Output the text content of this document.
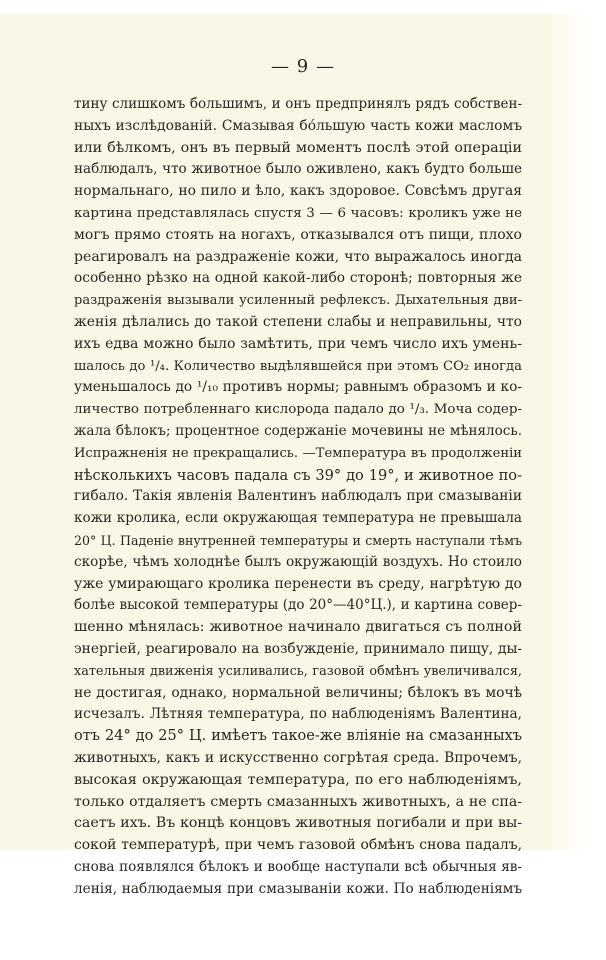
— 9 —
тину слишкомъ большимъ, и онъ предпринялъ рядъ собствен-
ныхъ изслѣдованій. Смазывая бо́льшую часть кожи масломъ
или бѣлкомъ, онъ въ первый моментъ послѣ этой операціи
наблюдалъ, что животное было оживлено, какъ будто больше
нормальнаго, но пило и ѣло, какъ здоровое. Совсѣмъ другая
картина представлялась спустя 3 — 6 часовъ: кроликъ уже не
могъ прямо стоять на ногахъ, отказывался отъ пищи, плохо
реагировалъ на раздраженіе кожи, что выражалось иногда
особенно рѣзко на одной какой-либо сторонѣ; повторныя же
раздраженія вызывали усиленный рефлексъ. Дыхательныя дви-
женія дѣлались до такой степени слабы и неправильны, что
ихъ едва можно было замѣтить, при чемъ число ихъ умень-
шалось до ¹/₄. Количество выдѣлявшейся при этомъ CO₂ иногда
уменьшалось до ¹/₁₀ противъ нормы; равнымъ образомъ и ко-
личество потребленнаго кислорода падало до ¹/₃. Моча содер-
жала бѣлокъ; процентное содержаніе мочевины не мѣнялось.
Испражненія не прекращались. —Температура въ продолженіи
нѣсколькихъ часовъ падала съ 39° до 19°, и животное по-
гибало. Такія явленія Валентинъ наблюдалъ при смазываніи
кожи кролика, если окружающая температура не превышала
20° Ц. Паденіе внутренней температуры и смерть наступали тѣмъ
скорѣе, чѣмъ холоднѣе былъ окружающій воздухъ. Но стоило
уже умирающаго кролика перенести въ среду, нагрѣтую до
болѣе высокой температуры (до 20°—40°Ц.), и картина совер-
шенно мѣнялась: животное начинало двигаться съ полной
энергіей, реагировало на возбужденіе, принимало пищу, ды-
хательныя движенія усиливались, газовой обмѣнъ увеличивался,
не достигая, однако, нормальной величины; бѣлокъ въ мочѣ
исчезалъ. Лѣтняя температура, по наблюденіямъ Валентина,
отъ 24° до 25° Ц. имѣетъ такое-же вліяніе на смазанныхъ
животныхъ, какъ и искусственно согрѣтая среда. Впрочемъ,
высокая окружающая температура, по его наблюденіямъ,
только отдаляетъ смерть смазанныхъ животныхъ, а не спа-
саетъ ихъ. Въ концѣ концовъ животныя погибали и при вы-
сокой температурѣ, при чемъ газовой обмѣнъ снова падалъ,
снова появлялся бѣлокъ и вообще наступали всѣ обычныя яв-
ленія, наблюдаемыя при смазываніи кожи. По наблюденіямъ
